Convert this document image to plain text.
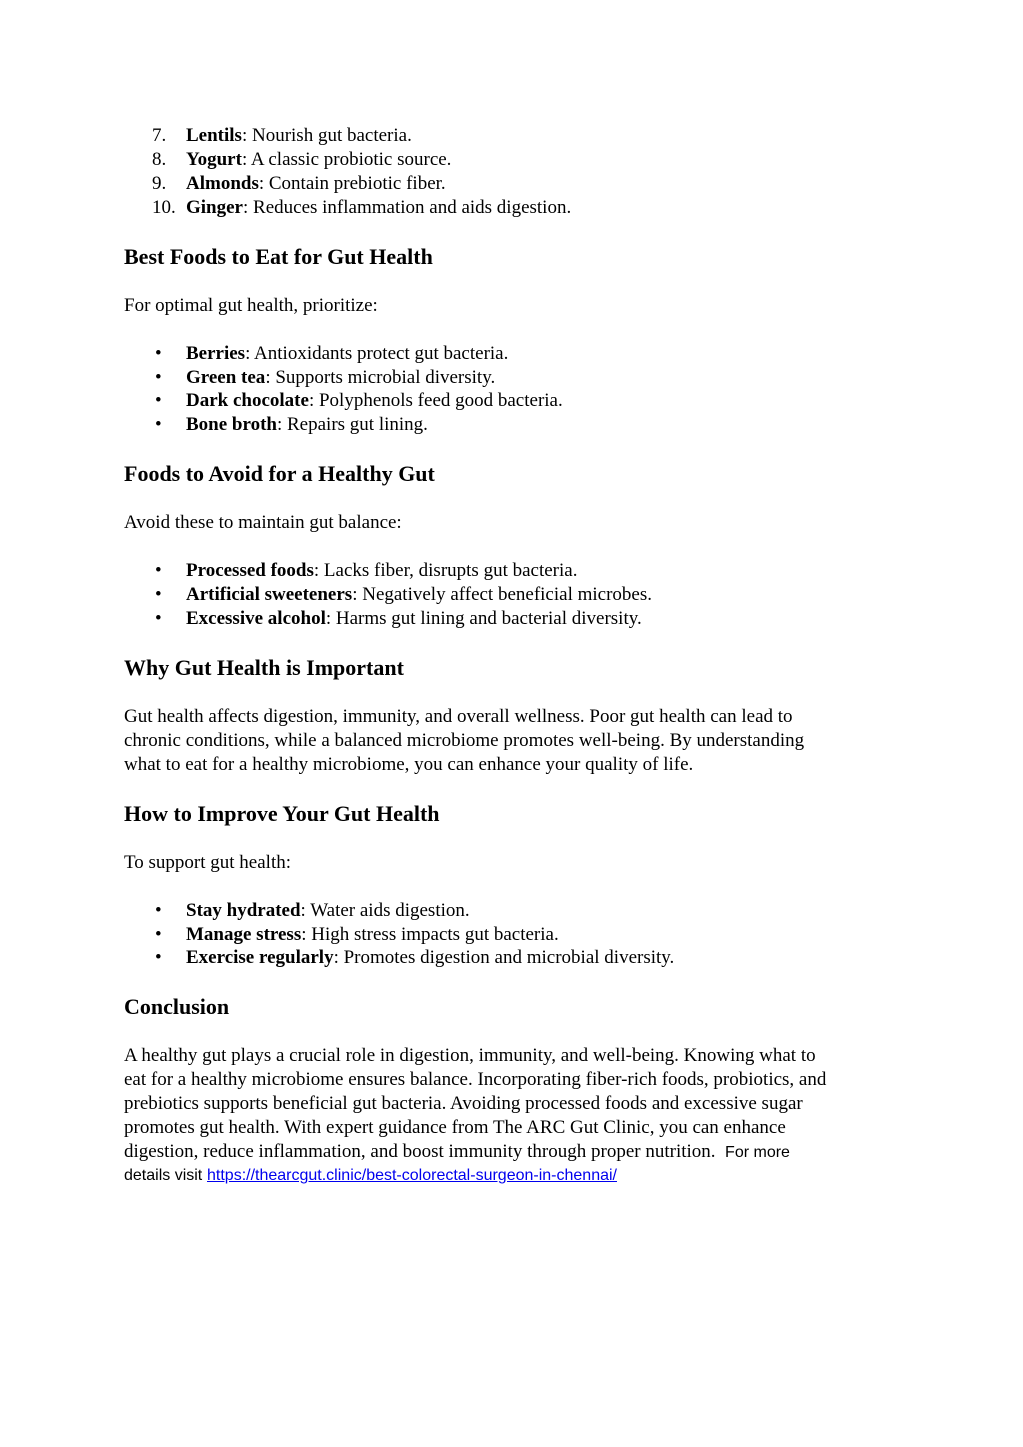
7. Lentils: Nourish gut bacteria.
8. Yogurt: A classic probiotic source.
9. Almonds: Contain prebiotic fiber.
10. Ginger: Reduces inflammation and aids digestion.
Best Foods to Eat for Gut Health

For optimal gut health, prioritize:

• Berries: Antioxidants protect gut bacteria.
• Green tea: Supports microbial diversity.
• Dark chocolate: Polyphenols feed good bacteria.
• Bone broth: Repairs gut lining.
Foods to Avoid for a Healthy Gut

Avoid these to maintain gut balance:

• Processed foods: Lacks fiber, disrupts gut bacteria.
• Artificial sweeteners: Negatively affect beneficial microbes.
• Excessive alcohol: Harms gut lining and bacterial diversity.
Why Gut Health is Important
Gut health affects digestion, immunity, and overall wellness. Poor gut health can lead to
chronic conditions, while a balanced microbiome promotes well-being. By understanding
what to eat for a healthy microbiome, you can enhance your quality of life.
How to Improve Your Gut Health

To support gut health:

• Stay hydrated: Water aids digestion.
• Manage stress: High stress impacts gut bacteria.
• Exercise regularly: Promotes digestion and microbial diversity.
Conclusion
A healthy gut plays a crucial role in digestion, immunity, and well-being. Knowing what to
eat for a healthy microbiome ensures balance. Incorporating fiber-rich foods, probiotics, and
prebiotics supports beneficial gut bacteria. Avoiding processed foods and excessive sugar
promotes gut health. With expert guidance from The ARC Gut Clinic, you can enhance
digestion, reduce inflammation, and boost immunity through proper nutrition. For more
details visit https://thearcgut.clinic/best-colorectal-surgeon-in-chennai/
